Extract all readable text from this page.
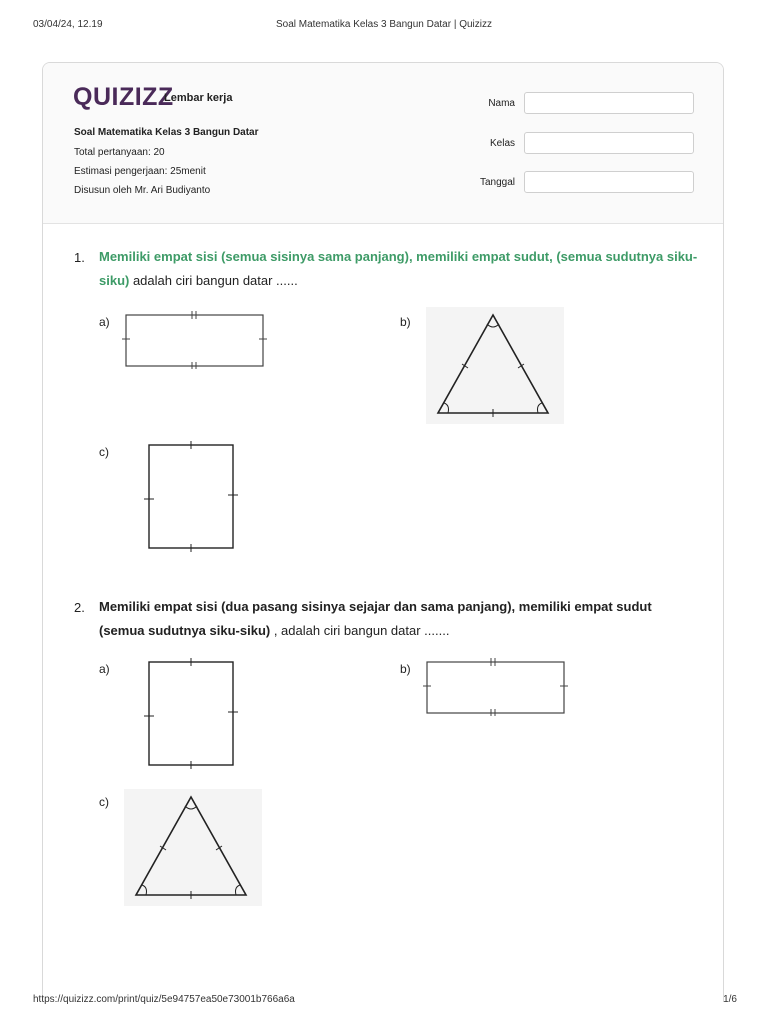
03/04/24, 12.19	Soal Matematika Kelas 3 Bangun Datar | Quizizz
QUIZIZZ
Lembar kerja
Soal Matematika Kelas 3 Bangun Datar
Total pertanyaan: 20
Estimasi pengerjaan: 25menit
Disusun oleh Mr. Ari Budiyanto
Nama
Kelas
Tanggal
1. Memiliki empat sisi (semua sisinya sama panjang), memiliki empat sudut, (semua sudutnya siku-siku) adalah ciri bangun datar ......
a)	b)
c)
2. Memiliki empat sisi (dua pasang sisinya sejajar dan sama panjang), memiliki empat sudut (semua sudutnya siku-siku) , adalah ciri bangun datar .......
a)	b)
c)
https://quizizz.com/print/quiz/5e94757ea50e73001b766a6a	1/6
